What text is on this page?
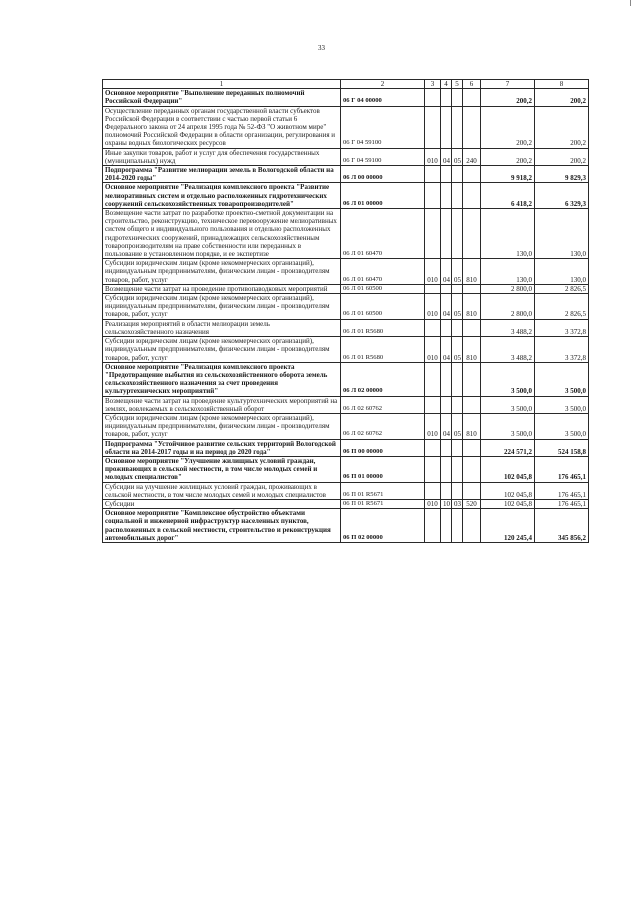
33
1	2	3	4	5	6	7	8
Основное мероприятие "Выполнение переданных полномочий Российской Федерации"	06 Г 04 00000					200,2	200,2
Осуществление переданных органам государственной власти субъектов Российской Федерации в соответствии с частью первой статьи 6 Федерального закона от 24 апреля 1995 года № 52-ФЗ "О животном мире" полномочий Российской Федерации в области организации, регулирования и охраны водных биологических ресурсов	06 Г 04 59100					200,2	200,2
Иные закупки товаров, работ и услуг для обеспечения государственных (муниципальных) нужд	06 Г 04 59100	010	04	05	240	200,2	200,2
Подпрограмма "Развитие мелиорации земель в Вологодской области на 2014-2020 годы"	06 Л 00 00000					9 918,2	9 829,3
Основное мероприятие "Реализация комплексного проекта "Развитие мелиоративных систем и отдельно расположенных гидротехнических сооружений сельскохозяйственных товаропроизводителей"	06 Л 01 00000					6 418,2	6 329,3
Возмещение части затрат по разработке проектно-сметной документации на строительство, реконструкцию, техническое перевооружение мелиоративных систем общего и индивидуального пользования и отдельно расположенных гидротехнических сооружений, принадлежащих сельскохозяйственным товаропроизводителям на праве собственности или переданных в пользование в установленном порядке, и ее экспертизе	06 Л 01 60470					130,0	130,0
Субсидии юридическим лицам (кроме некоммерческих организаций), индивидуальным предпринимателям, физическим лицам - производителям товаров, работ, услуг	06 Л 01 60470	010	04	05	810	130,0	130,0
Возмещение части затрат на проведение противопаводковых мероприятий	06 Л 01 60500					2 800,0	2 826,5
Субсидии юридическим лицам (кроме некоммерческих организаций), индивидуальным предпринимателям, физическим лицам - производителям товаров, работ, услуг	06 Л 01 60500	010	04	05	810	2 800,0	2 826,5
Реализация мероприятий в области мелиорации земель сельскохозяйственного назначения	06 Л 01 R5680					3 488,2	3 372,8
Субсидии юридическим лицам (кроме некоммерческих организаций), индивидуальным предпринимателям, физическим лицам - производителям товаров, работ, услуг	06 Л 01 R5680	010	04	05	810	3 488,2	3 372,8
Основное мероприятие "Реализация комплексного проекта "Предотвращение выбытия из сельскохозяйственного оборота земель сельскохозяйственного назначения за счет проведения культуртехнических мероприятий"	06 Л 02 00000					3 500,0	3 500,0
Возмещение части затрат на проведение культуртехнических мероприятий на землях, вовлекаемых в сельскохозяйственный оборот	06 Л 02 60762					3 500,0	3 500,0
Субсидии юридическим лицам (кроме некоммерческих организаций), индивидуальным предпринимателям, физическим лицам - производителям товаров, работ, услуг	06 Л 02 60762	010	04	05	810	3 500,0	3 500,0
Подпрограмма "Устойчивое развитие сельских территорий Вологодской области на 2014-2017 годы и на период до 2020 года"	06 П 00 00000					224 571,2	524 158,8
Основное мероприятие "Улучшение жилищных условий граждан, проживающих в сельской местности, в том числе молодых семей и молодых специалистов"	06 П 01 00000					102 045,8	176 465,1
Субсидии на улучшение жилищных условий граждан, проживающих в сельской местности, в том числе молодых семей и молодых специалистов	06 П 01 R5671					102 045,8	176 465,1
Субсидии	06 П 01 R5671	010	10	03	520	102 045,8	176 465,1
Основное мероприятие "Комплексное обустройство объектами социальной и инженерной инфраструктур населенных пунктов, расположенных в сельской местности, строительство и реконструкция автомобильных дорог"	06 П 02 00000					120 245,4	345 856,2
